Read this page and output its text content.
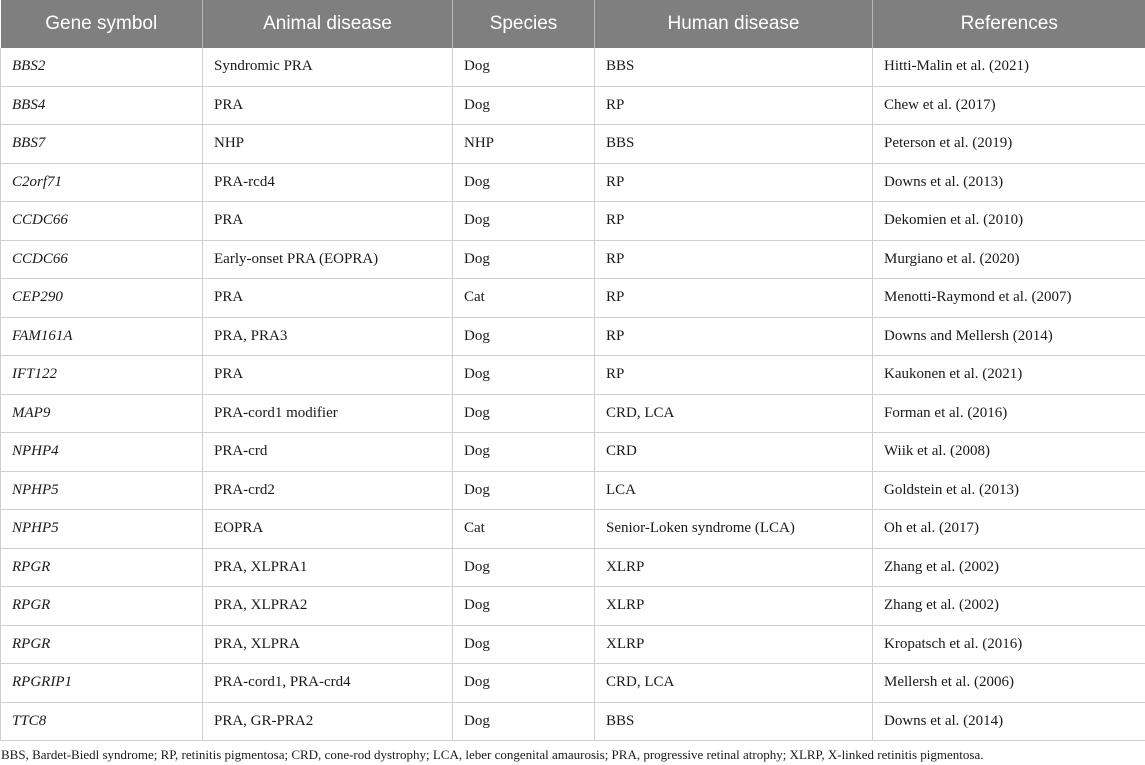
Gene symbol	Animal disease	Species	Human disease	References
BBS2	Syndromic PRA	Dog	BBS	Hitti-Malin et al. (2021)
BBS4	PRA	Dog	RP	Chew et al. (2017)
BBS7	NHP	NHP	BBS	Peterson et al. (2019)
C2orf71	PRA-rcd4	Dog	RP	Downs et al. (2013)
CCDC66	PRA	Dog	RP	Dekomien et al. (2010)
CCDC66	Early-onset PRA (EOPRA)	Dog	RP	Murgiano et al. (2020)
CEP290	PRA	Cat	RP	Menotti-Raymond et al. (2007)
FAM161A	PRA, PRA3	Dog	RP	Downs and Mellersh (2014)
IFT122	PRA	Dog	RP	Kaukonen et al. (2021)
MAP9	PRA-cord1 modifier	Dog	CRD, LCA	Forman et al. (2016)
NPHP4	PRA-crd	Dog	CRD	Wiik et al. (2008)
NPHP5	PRA-crd2	Dog	LCA	Goldstein et al. (2013)
NPHP5	EOPRA	Cat	Senior-Loken syndrome (LCA)	Oh et al. (2017)
RPGR	PRA, XLPRA1	Dog	XLRP	Zhang et al. (2002)
RPGR	PRA, XLPRA2	Dog	XLRP	Zhang et al. (2002)
RPGR	PRA, XLPRA	Dog	XLRP	Kropatsch et al. (2016)
RPGRIP1	PRA-cord1, PRA-crd4	Dog	CRD, LCA	Mellersh et al. (2006)
TTC8	PRA, GR-PRA2	Dog	BBS	Downs et al. (2014)
BBS, Bardet-Biedl syndrome; RP, retinitis pigmentosa; CRD, cone-rod dystrophy; LCA, leber congenital amaurosis; PRA, progressive retinal atrophy; XLRP, X-linked retinitis pigmentosa.
